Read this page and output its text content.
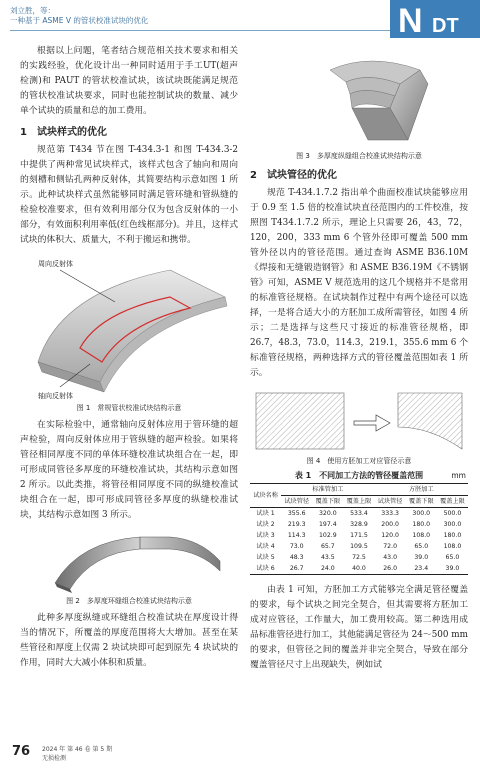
刘立胜，等：
一种基于 ASME V 的管状校准试块的优化	N DT

根据以上问题，笔者结合规范相关技术要求和相关的实践经验，优化设计出一种同时适用于手工UT(超声检测)和 PAUT 的管状校准试块，该试块既能满足规范的管状校准试块要求，同时也能控制试块的数量、减少单个试块的质量和总的加工费用。

1　试块样式的优化

规范第 T434 节在图 T-434.3-1 和图 T-434.3-2 中提供了两种常见试块样式，该样式包含了轴向和周向的刻槽和侧钻孔两种反射体，其简要结构示意如图 1 所示。此种试块样式虽然能够同时满足管环缝和管纵缝的检验校准要求，但有效利用部分仅为包含反射体的一小部分，有效面积利用率低(红色线框部分)。并且，这样式试块的体积大、质量大，不利于搬运和携带。

周向反射体
轴向反射体
图 1　常规管状校准试块结构示意

在实际检验中，通常轴向反射体应用于管环缝的超声检验，周向反射体应用于管纵缝的超声检验。如果将管径相同厚度不同的单体环缝校准试块组合在一起，即可形成同管径多厚度的环缝校准试块，其结构示意如图 2 所示。以此类推，将管径相同厚度不同的纵缝校准试块组合在一起，即可形成同管径多厚度的纵缝校准试块，其结构示意如图 3 所示。

图 2　多厚度环缝组合校准试块结构示意

此种多厚度纵缝或环缝组合校准试块在厚度设计得当的情况下，所覆盖的厚度范围将大大增加。甚至在某些管径和厚度上仅需 2 块试块即可起到原先 4 块试块的作用，同时大大减小体积和质量。

图 3　多厚度纵缝组合校准试块结构示意
2　试块管径的优化

规范 T-434.1.7.2 指出单个曲面校准试块能够应用于 0.9 至 1.5 倍的校准试块直径范围内的工件校准，按照图 T434.1.7.2 所示，理论上只需要 26，43，72，120，200，333 mm 6 个管外径即可覆盖 500 mm 管外径以内的管径范围。通过查询 ASME B36.10M《焊接和无缝锻造钢管》和 ASME B36.19M《不锈钢管》可知，ASME V 规范选用的这几个规格并不是常用的标准管径规格。在试块制作过程中有两个途径可以选择，一是将合适大小的方胚加工成所需管径，如图 4 所示；二是选择与这些尺寸接近的标准管径规格，即 26.7，48.3，73.0，114.3，219.1，355.6 mm 6 个标准管径规格，两种选择方式的管径覆盖范围如表 1 所示。

图 4　使用方胚加工对应管径示意
表 1　不同加工方法的管径覆盖范围	mm
试块名称	标准管加工			方胚加工		
	试块管径	覆盖下限	覆盖上限	试块管径	覆盖下限	覆盖上限
试块 1	355.6	320.0	533.4	333.3	300.0	500.0
试块 2	219.3	197.4	328.9	200.0	180.0	300.0
试块 3	114.3	102.9	171.5	120.0	108.0	180.0
试块 4	73.0	65.7	109.5	72.0	65.0	108.0
试块 5	48.3	43.5	72.5	43.0	39.0	65.0
试块 6	26.7	24.0	40.0	26.0	23.4	39.0

由表 1 可知，方胚加工方式能够完全满足管径覆盖的要求，每个试块之间完全契合，但其需要将方胚加工成对应管径，工作量大，加工费用较高。第二种选用成品标准管径进行加工，其他能满足管径为 24～500 mm 的要求，但管径之间的覆盖并非完全契合，导致在部分覆盖管径尺寸上出现缺失，例如试

76 2024 年 第 46 卷 第 5 期
无损检测
